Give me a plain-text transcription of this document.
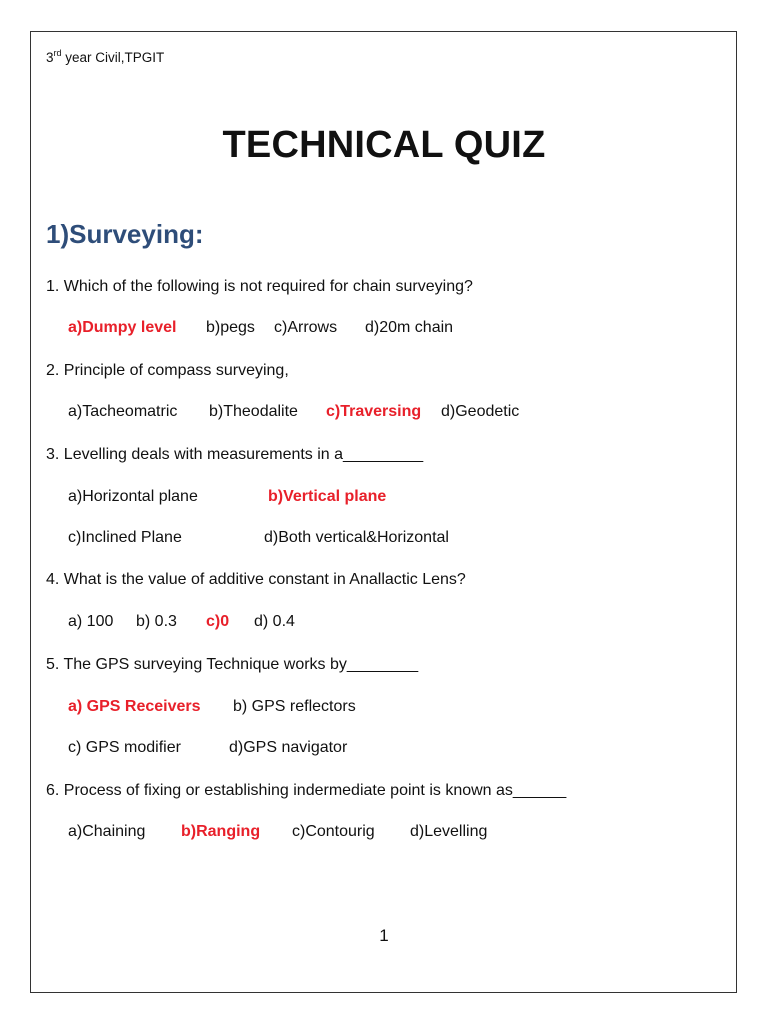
3rd year Civil,TPGIT
TECHNICAL QUIZ
1)Surveying:
1. Which of the following is not required for chain surveying?
a)Dumpy level b)pegs c)Arrows d)20m chain
2. Principle of compass surveying,
a)Tacheomatric b)Theodalite c)Traversing d)Geodetic
3. Levelling deals with measurements in a_________
a)Horizontal plane	b)Vertical plane
c)Inclined Plane	d)Both vertical&Horizontal
4. What is the value of additive constant in Anallactic Lens?
a) 100 b) 0.3 c)0 d) 0.4
5. The GPS surveying Technique works by________
a) GPS Receivers b) GPS reflectors
c) GPS modifier	d)GPS navigator
6. Process of fixing or establishing indermediate point is known as______
a)Chaining b)Ranging c)Contourig d)Levelling
1
